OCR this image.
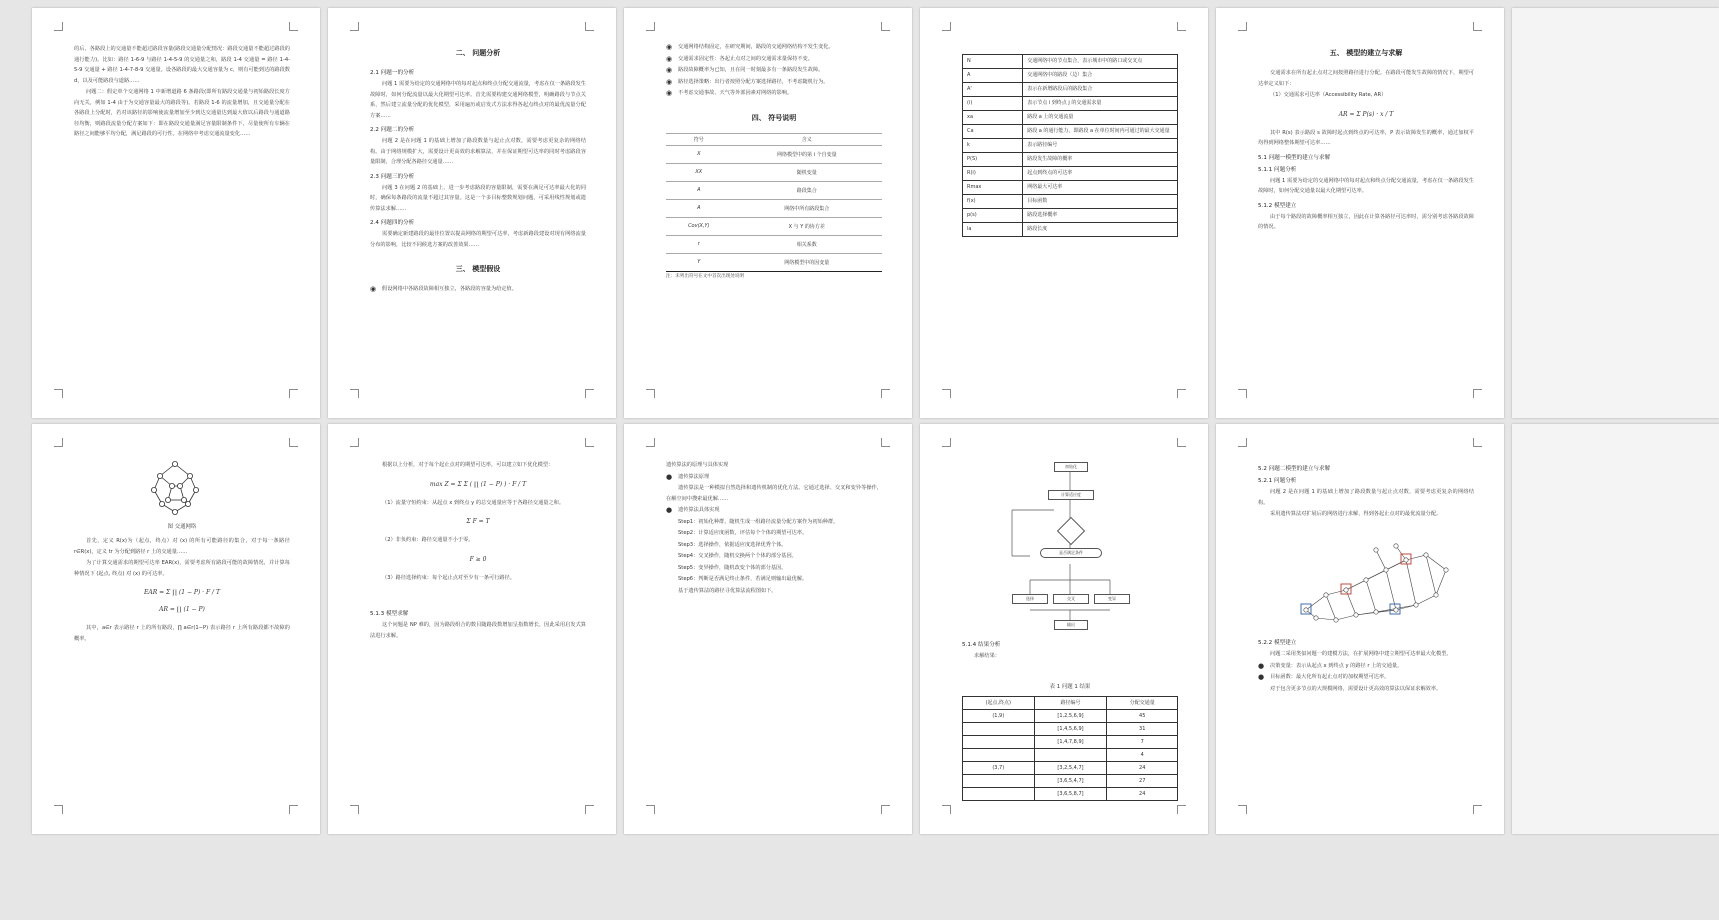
的后，各路段上的交通量不能超过路段容量(路段交通量分配情况：路段交通量不能超过路段的通行能力)。比如：路径 1-6-9 与路径 1-4-5-9 的交通量之和，路段 1-4 交通量 = 路径 1-4-5-9 交通量 + 路径 1-4-7-8-9 交通量。设各路段的最大交通容量为 c，则有可能到达的路段数 d，以及可能路段与道路……

问题二：假定单个交通网络 1 中新增道路 6 条路段(即所有路段交通量与初始路段长度方向无关，例如 1-4 由于为交通容量最大的路段等)。若路段 1-6 的流量增加，且交通量分配在各路段上分配时，若对该路径的影响使流量增加至少到达交通量达到最大值以后路段与通道路径均衡，则路段流量分配方案如下：即在路段交通量满足容量限制条件下，尽量使所有车辆在路径之间能够平均分配，满足路段的可行性。在网络中考虑交通流量变化……

二、 问题分析
2.1 问题一的分析

问题 1 需要为给定的交通网络中的每对起点和终点分配交通流量，考虑在仅一条路段发生故障时，如何分配流量以最大化期望可达率。首先需要构建交通网络模型，明确路段与节点关系，然后建立流量分配的优化模型，采用遍历或启发式方法求得各起点终点对的最优流量分配方案……

2.2 问题二的分析

问题 2 是在问题 1 的基础上增加了路段数量与起止点对数，需要考虑更复杂的网络结构。由于网络规模扩大，需要设计更高效的求解算法，并在保证期望可达率的同时考虑路段容量限制，合理分配各路径交通量……

2.3 问题三的分析

问题 3 在问题 2 的基础上，进一步考虑路段的容量限制，需要在满足可达率最大化的同时，确保每条路段的流量不超过其容量。这是一个多目标整数规划问题，可采用线性规划或遗传算法求解……

2.4 问题四的分析

需要确定新建路段的最佳位置以提高网络的期望可达率，考虑新路段建设对现有网络流量分布的影响，比较不同候选方案的改善效果……

三、 模型假设

◉ 假设网络中各路段故障相互独立，各路段的容量为给定值。

◉ 交通网络结构固定，在研究期间，路段的交通网络结构不发生变化。

◉ 交通需求固定性：各起止点对之间的交通需求量保持不变。

◉ 路段故障概率为已知，且在同一时刻最多有一条路段发生故障。

◉ 路径选择策略：出行者按照分配方案选择路径，不考虑随机行为。

◉ 不考虑交通事故、天气等外部因素对网络的影响。

四、 符号说明
符号	含义
X	网络模型中的第 i 个自变量
XX	随机变量
A	路段集合
A	网络中所有路段集合
Cov(X,Y)	X 与 Y 的协方差
r	相关系数
Y	网络模型中的因变量

注：未列出符号在文中首次出现处说明

N	交通网络中的节点集合，表示城市中的路口或交叉点
A	交通网络中的路段（边）集合
A'	表示在新增路段后的路段集合
(i)	表示节点 i 到终点 j 的交通需求量
xa	路段 a 上的交通流量
Ca	路段 a 的通行能力，即路段 a 在单位时间内可通过的最大交通量
k	表示路径编号
P(S)	路段发生故障的概率
R(i)	起点到终点的可达率
Rmax	网络最大可达率
f(x)	目标函数
p(s)	路段选择概率
la	路段长度
五、 模型的建立与求解

交通需求在所有起止点对之间按照路径进行分配。在路段可能发生故障的情况下，期望可达率定义如下：

（1）交通需求可达率（Accessibility Rate, AR）

AR = Σ P(s) · x / T

其中 R(s) 表示路段 s 故障时起点到终点的可达率，P 表示故障发生的概率，通过加权平均得到网络整体期望可达率……

5.1 问题一模型的建立与求解
5.1.1 问题分析

问题 1 需要为给定的交通网络中的每对起点和终点分配交通流量，考虑在仅一条路段发生故障时，如何分配交通量以最大化期望可达率。

5.1.2 模型建立

由于每个路段的故障概率相互独立，因此在计算各路径可达率时，需分别考虑各路段故障的情况。

图 交通网络

首先，定义 R(x)为（起点，终点）对 (x) 的所有可能路径的集合，对于每一条路径 r∈R(x)，定义 tr 为分配到路径 r 上的交通量……

为了计算交通需求的期望可达率 EAR(x)，需要考虑所有路段可能的故障情况，并计算每种情况下 (起点, 终点) 对 (x) 的可达率。

EAR = Σ ∏ (1 − P) · F / T
AR = ∏ (1 − P)

其中，a∈r 表示路径 r 上的所有路段，∏ a∈r(1−P) 表示路径 r 上所有路段都不故障的概率。

根据以上分析，对于每个起止点对的期望可达率，可以建立如下优化模型：

max Z = Σ Σ ( ∏ (1 − P) ) · F / T

（1）流量守恒约束：从起点 x 到终点 y 的总交通量应等于各路径交通量之和。

Σ F = T

（2）非负约束：路径交通量不小于零。

F ≥ 0

（3）路径选择约束：每个起止点对至少有一条可行路径。

5.1.3 模型求解

这个问题是 NP 难的，因为路段组合的数目随路段数增加呈指数增长，因此采用启发式算法进行求解。

遗传算法的原理与具体实现

● 遗传算法原理

遗传算法是一种模拟自然选择和遗传机制的优化方法。它通过选择、交叉和变异等操作，在解空间中搜索最优解……

● 遗传算法具体实现

Step1：初始化种群，随机生成一组路径流量分配方案作为初始种群。

Step2：计算适应度函数，评估每个个体的期望可达率。

Step3：选择操作，依据适应度选择优秀个体。

Step4：交叉操作，随机交换两个个体的部分基因。

Step5：变异操作，随机改变个体的部分基因。

Step6：判断是否满足终止条件，若满足则输出最优解。

基于遗传算法的路径寻优算法流程图如下。

初始化
计算适应度
是否满足条件
选择	交叉	变异
输出
5.1.4 结果分析

求解结果：

表 1 问题 1 结果
(起点,终点)	路径编号	分配交通量
(1,9)	[1,2,5,6,9]	45
	[1,4,5,6,9]	31
	[1,4,7,8,9]	7
		4
(3,7)	[3,2,5,4,7]	24
	[3,6,5,4,7]	27
	[3,6,5,8,7]	24
5.2 问题二模型的建立与求解
5.2.1 问题分析

问题 2 是在问题 1 的基础上增加了路段数量与起止点对数，需要考虑更复杂的网络结构。

采用遗传算法对扩展后的网络进行求解，得到各起止点对的最优流量分配。

5.2.2 模型建立

问题二采用类似问题一的建模方法，在扩展网络中建立期望可达率最大化模型。

● 决策变量：表示从起点 x 到终点 y 的路径 r 上的交通量。

● 目标函数：最大化所有起止点对的加权期望可达率。

对于包含更多节点的大规模网络，需要设计更高效的算法以保证求解效率。
